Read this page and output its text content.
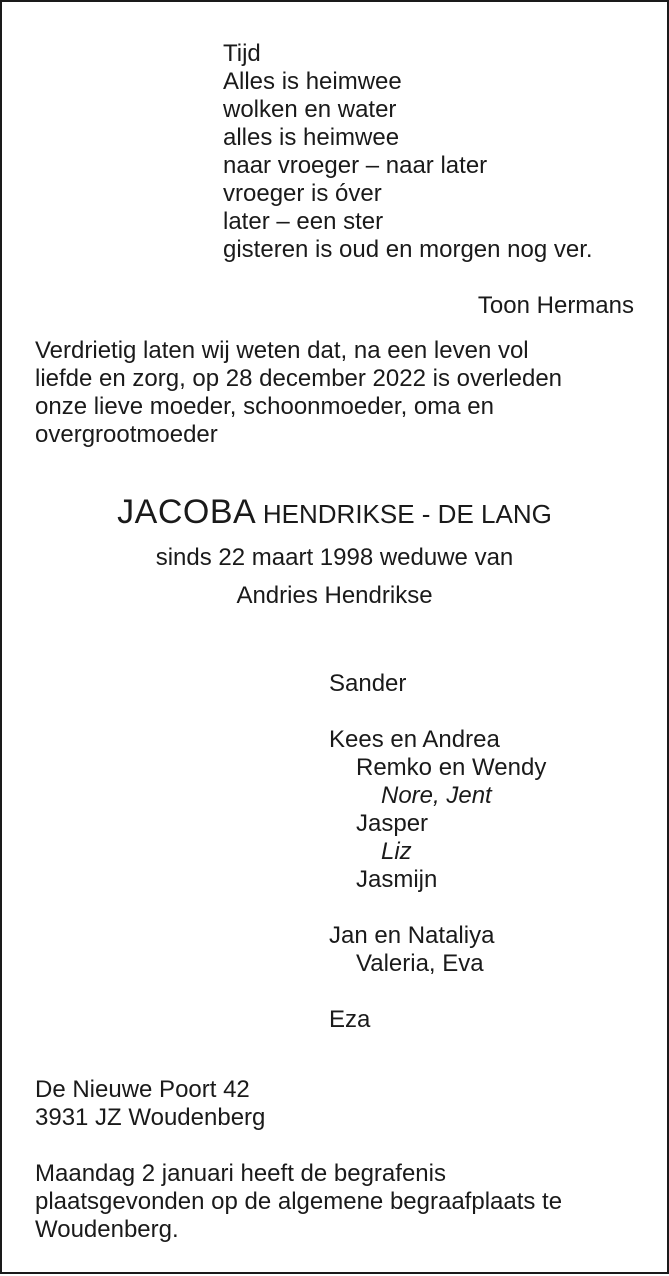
Tijd
Alles is heimwee
wolken en water
alles is heimwee
naar vroeger – naar later
vroeger is óver
later – een ster
gisteren is oud en morgen nog ver.
Toon Hermans
Verdrietig laten wij weten dat, na een leven vol
liefde en zorg, op 28 december 2022 is overleden
onze lieve moeder, schoonmoeder, oma en
overgrootmoeder
JACOBA HENDRIKSE - DE LANG
sinds 22 maart 1998 weduwe van
Andries Hendrikse
Sander
Kees en Andrea
Remko en Wendy
Nore, Jent
Jasper
Liz
Jasmijn
Jan en Nataliya
Valeria, Eva
Eza
De Nieuwe Poort 42
3931 JZ Woudenberg
Maandag 2 januari heeft de begrafenis
plaatsgevonden op de algemene begraafplaats te
Woudenberg.
